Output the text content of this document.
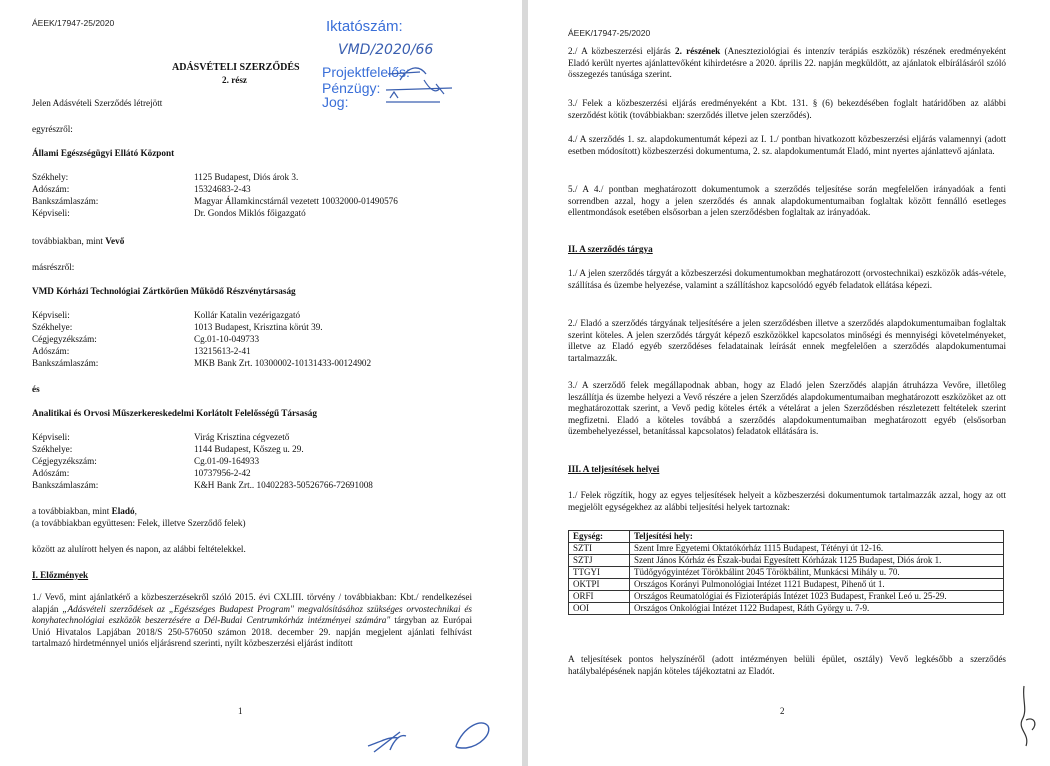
ÁEEK/17947-25/2020
ADÁSVÉTELI SZERZŐDÉS
2. rész
Iktatószám:
VMD/2020/66
Projektfelelős:
Pénzügy:
Jog:
Jelen Adásvételi Szerződés létrejött
egyrészről:
Állami Egészségügyi Ellátó Központ
Székhely:	1125 Budapest, Diós árok 3.
Adószám:	15324683-2-43
Bankszámlaszám:	Magyar Államkincstárnál vezetett 10032000-01490576
Képviseli:	Dr. Gondos Miklós főigazgató
továbbiakban, mint Vevő
másrészről:
VMD Kórházi Technológiai Zártkörűen Működő Részvénytársaság
Képviseli:	Kollár Katalin vezérigazgató
Székhelye:	1013 Budapest, Krisztina körút 39.
Cégjegyzékszám:	Cg.01-10-049733
Adószám:	13215613-2-41
Bankszámlaszám:	MKB Bank Zrt. 10300002-10131433-00124902
és
Analitikai és Orvosi Műszerkereskedelmi Korlátolt Felelősségű Társaság
Képviseli:	Virág Krisztina cégvezető
Székhelye:	1144 Budapest, Kőszeg u. 29.
Cégjegyzékszám:	Cg.01-09-164933
Adószám:	10737956-2-42
Bankszámlaszám:	K&H Bank Zrt.. 10402283-50526766-72691008
a továbbiakban, mint Eladó,
(a továbbiakban együttesen: Felek, illetve Szerződő felek)
között az alulírott helyen és napon, az alábbi feltételekkel.
I. Előzmények
1./ Vevő, mint ajánlatkérő a közbeszerzésekről szóló 2015. évi CXLIII. törvény / továbbiakban: Kbt./ rendelkezései alapján „Adásvételi szerződések az „Egészséges Budapest Program" megvalósításához szükséges orvostechnikai és konyhatechnológiai eszközök beszerzésére a Dél-Budai Centrumkórház intézményei számára" tárgyban az Európai Unió Hivatalos Lapjában 2018/S 250-576050 számon 2018. december 29. napján megjelent ajánlati felhívást tartalmazó hirdetménnyel uniós eljárásrend szerinti, nyílt közbeszerzési eljárást indított
1
ÁEEK/17947-25/2020
2./ A közbeszerzési eljárás 2. részének (Aneszteziológiai és intenzív terápiás eszközök) részének eredményeként Eladó került nyertes ajánlattevőként kihirdetésre a 2020. április 22. napján megküldött, az ajánlatok elbírálásáról szóló összegezés tanúsága szerint.
3./ Felek a közbeszerzési eljárás eredményeként a Kbt. 131. § (6) bekezdésében foglalt határidőben az alábbi szerződést kötik (továbbiakban: szerződés illetve jelen szerződés).
4./ A szerződés 1. sz. alapdokumentumát képezi az I. 1./ pontban hivatkozott közbeszerzési eljárás valamennyi (adott esetben módosított) közbeszerzési dokumentuma, 2. sz. alapdokumentumát Eladó, mint nyertes ajánlattevő ajánlata.
5./ A 4./ pontban meghatározott dokumentumok a szerződés teljesítése során megfelelően irányadóak a fenti sorrendben azzal, hogy a jelen szerződés és annak alapdokumentumaiban foglaltak között fennálló esetleges ellentmondások esetében elsősorban a jelen szerződésben foglaltak az irányadóak.
II. A szerződés tárgya
1./ A jelen szerződés tárgyát a közbeszerzési dokumentumokban meghatározott (orvostechnikai) eszközök adás-vétele, szállítása és üzembe helyezése, valamint a szállításhoz kapcsolódó egyéb feladatok ellátása képezi.
2./ Eladó a szerződés tárgyának teljesítésére a jelen szerződésben illetve a szerződés alapdokumentumaiban foglaltak szerint köteles. A jelen szerződés tárgyát képező eszközökkel kapcsolatos minőségi és mennyiségi követelményeket, illetve az Eladó egyéb szerződéses feladatainak leírását ennek megfelelően a szerződés alapdokumentumai tartalmazzák.
3./ A szerződő felek megállapodnak abban, hogy az Eladó jelen Szerződés alapján átruházza Vevőre, illetőleg leszállítja és üzembe helyezi a Vevő részére a jelen Szerződés alapdokumentumaiban meghatározott eszközöket az ott meghatározottak szerint, a Vevő pedig köteles érték a vételárat a jelen Szerződésben részletezett feltételek szerint megfizetni. Eladó a köteles továbbá a szerződés alapdokumentumaiban meghatározott egyéb (elsősorban üzembehelyezéssel, betanítással kapcsolatos) feladatok ellátására is.
III. A teljesítések helyei
1./ Felek rögzítik, hogy az egyes teljesítések helyeit a közbeszerzési dokumentumok tartalmazzák azzal, hogy az ott megjelölt egységekhez az alábbi teljesítési helyek tartoznak:
Egység:	Teljesítési hely:
SZTI	Szent Imre Egyetemi Oktatókórház 1115 Budapest, Tétényi út 12-16.
SZTJ	Szent János Kórház és Észak-budai Egyesített Kórházak 1125 Budapest, Diós árok 1.
TTGYI	Tüdőgyógyintézet Törökbálint 2045 Törökbálint, Munkácsi Mihály u. 70.
OKTPI	Országos Korányi Pulmonológiai Intézet 1121 Budapest, Pihenő út 1.
ORFI	Országos Reumatológiai és Fizioterápiás Intézet 1023 Budapest, Frankel Leó u. 25-29.
OOI	Országos Onkológiai Intézet 1122 Budapest, Ráth György u. 7-9.
A teljesítések pontos helyszínéről (adott intézményen belüli épület, osztály) Vevő legkésőbb a szerződés hatálybalépésének napján köteles tájékoztatni az Eladót.
2
